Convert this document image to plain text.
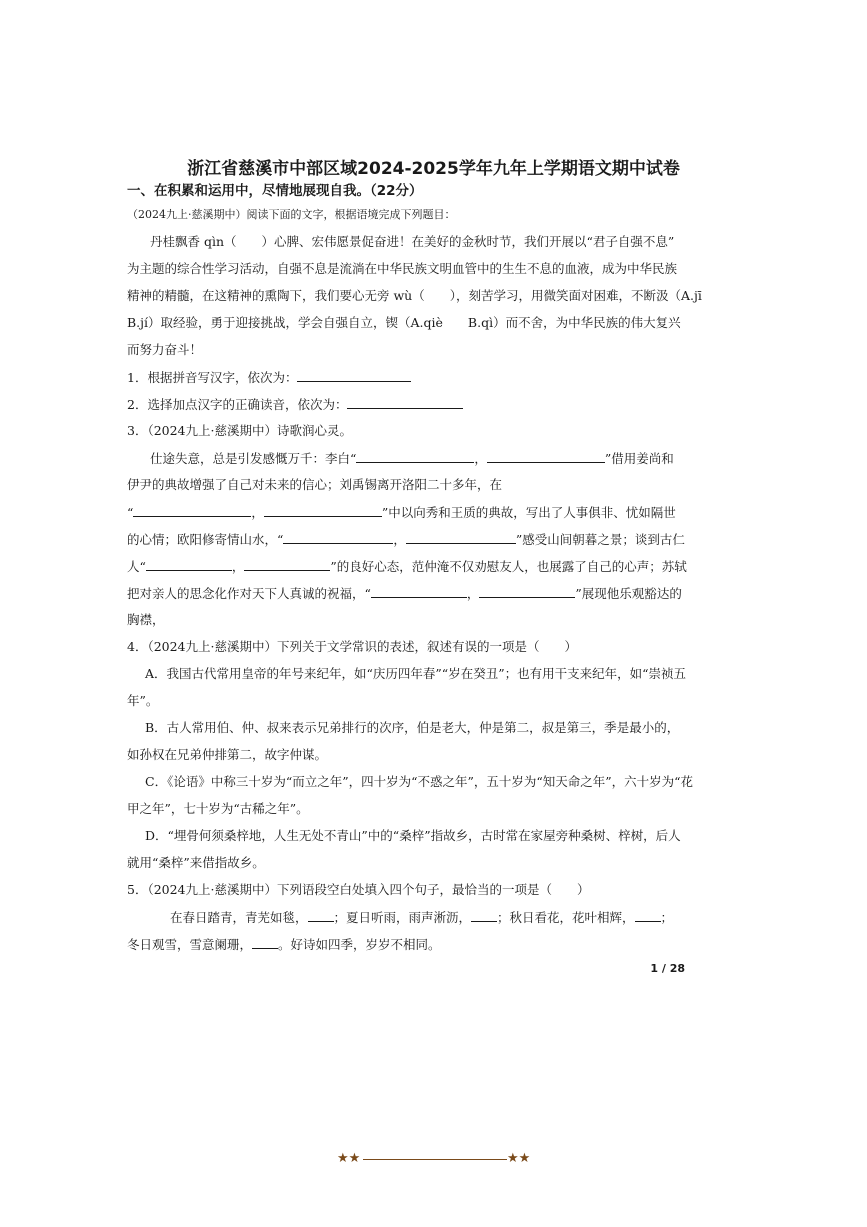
浙江省慈溪市中部区域2024-2025学年九年上学期语文期中试卷
一、在积累和运用中，尽情地展现自我。（22分）
（2024九上·慈溪期中）阅读下面的文字，根据语境完成下列题目：
丹桂飘香 qìn（　　）心脾、宏伟愿景促奋进！在美好的金秋时节，我们开展以“君子自强不息”
为主题的综合性学习活动，自强不息是流淌在中华民族文明血管中的生生不息的血液，成为中华民族
精神的精髓，在这精神的熏陶下，我们要心无旁 wù（　　），刻苦学习，用微笑面对困难，不断汲（A.jī
B.jí）取经验，勇于迎接挑战，学会自强自立，锲（A.qiè　　B.qì）而不舍，为中华民族的伟大复兴
而努力奋斗！
1．根据拼音写汉字，依次为：
2．选择加点汉字的正确读音，依次为：
3．（2024九上·慈溪期中）诗歌润心灵。
仕途失意，总是引发感慨万千：李白“	，	”借用姜尚和
伊尹的典故增强了自己对未来的信心；刘禹锡离开洛阳二十多年，在
“	，	”中以向秀和王质的典故，写出了人事俱非、忧如隔世
的心情；欧阳修寄情山水，“	，	”感受山间朝暮之景；谈到古仁
人“	，	”的良好心态，范仲淹不仅劝慰友人，也展露了自己的心声；苏轼
把对亲人的思念化作对天下人真诚的祝福，“	，	”展现他乐观豁达的
胸襟，
4．（2024九上·慈溪期中）下列关于文学常识的表述，叙述有误的一项是（　　）
A．我国古代常用皇帝的年号来纪年，如“庆历四年春”“岁在癸丑”；也有用干支来纪年，如“崇祯五
年”。
B．古人常用伯、仲、叔来表示兄弟排行的次序，伯是老大，仲是第二，叔是第三，季是最小的，
如孙权在兄弟仲排第二，故字仲谋。
C．《论语》中称三十岁为“而立之年”，四十岁为“不惑之年”，五十岁为“知天命之年”，六十岁为“花
甲之年”，七十岁为“古稀之年”。
D．“埋骨何须桑梓地，人生无处不青山”中的“桑梓”指故乡，古时常在家屋旁种桑树、梓树，后人
就用“桑梓”来借指故乡。
5．（2024九上·慈溪期中）下列语段空白处填入四个句子，最恰当的一项是（　　）
在春日踏青，青芜如毯， ；夏日听雨，雨声淅沥， ；秋日看花，花叶相辉， ；
冬日观雪，雪意阑珊， 。好诗如四季，岁岁不相同。
1 / 28
★★	★★
